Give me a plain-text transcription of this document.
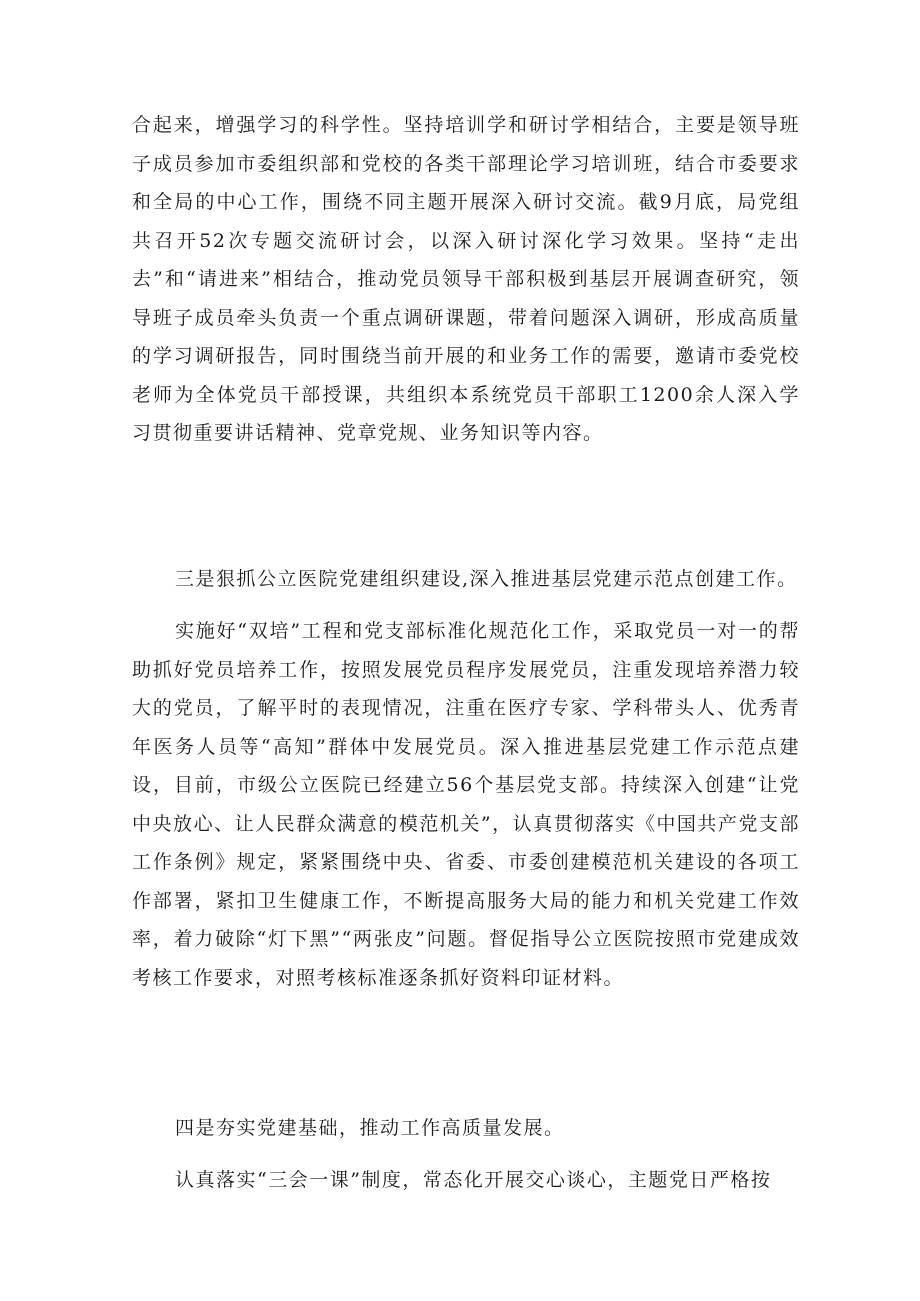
合起来，增强学习的科学性。坚持培训学和研讨学相结合，主要是领导班子成员参加市委组织部和党校的各类干部理论学习培训班，结合市委要求和全局的中心工作，围绕不同主题开展深入研讨交流。截9月底，局党组共召开52次专题交流研讨会，以深入研讨深化学习效果。坚持“走出去”和“请进来”相结合，推动党员领导干部积极到基层开展调查研究，领导班子成员牵头负责一个重点调研课题，带着问题深入调研，形成高质量的学习调研报告，同时围绕当前开展的和业务工作的需要，邀请市委党校老师为全体党员干部授课，共组织本系统党员干部职工1200余人深入学习贯彻重要讲话精神、党章党规、业务知识等内容。

三是狠抓公立医院党建组织建设,深入推进基层党建示范点创建工作。

实施好“双培”工程和党支部标准化规范化工作，采取党员一对一的帮助抓好党员培养工作，按照发展党员程序发展党员，注重发现培养潜力较大的党员，了解平时的表现情况，注重在医疗专家、学科带头人、优秀青年医务人员等“高知”群体中发展党员。深入推进基层党建工作示范点建设，目前，市级公立医院已经建立56个基层党支部。持续深入创建“让党中央放心、让人民群众满意的模范机关”，认真贯彻落实《中国共产党支部工作条例》规定，紧紧围绕中央、省委、市委创建模范机关建设的各项工作部署，紧扣卫生健康工作，不断提高服务大局的能力和机关党建工作效率，着力破除“灯下黑”“两张皮”问题。督促指导公立医院按照市党建成效考核工作要求，对照考核标准逐条抓好资料印证材料。

四是夯实党建基础，推动工作高质量发展。

认真落实“三会一课”制度，常态化开展交心谈心，主题党日严格按
